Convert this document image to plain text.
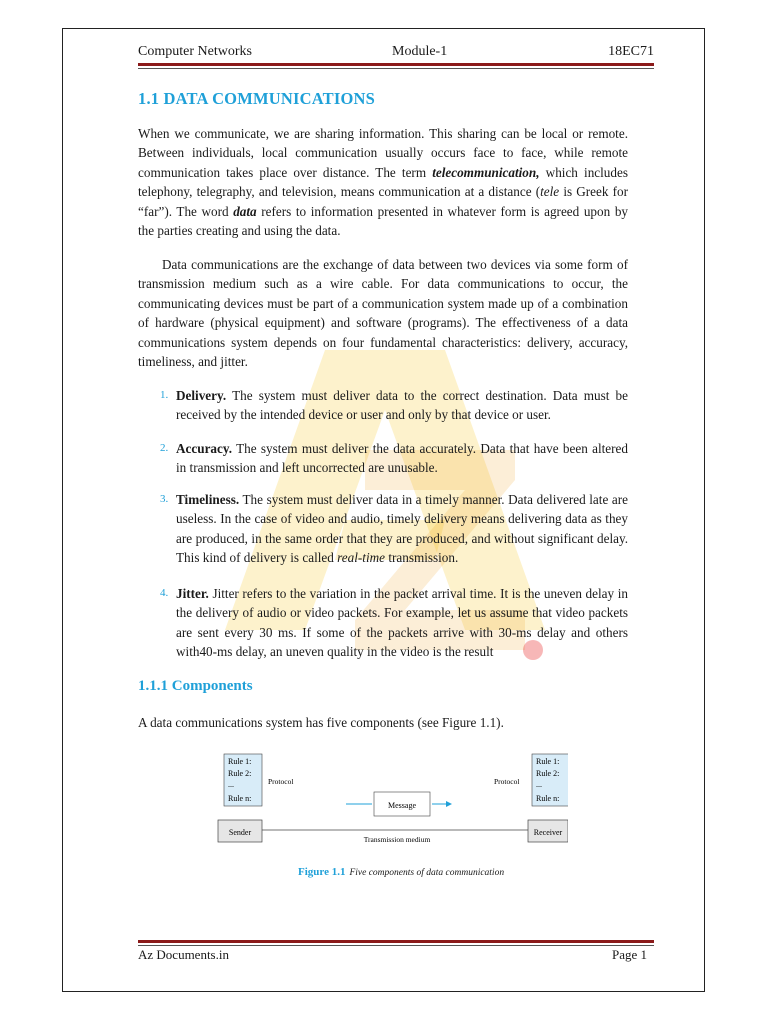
Computer Networks	Module-1	18EC71
1.1 DATA COMMUNICATIONS
When we communicate, we are sharing information. This sharing can be local or remote. Between individuals, local communication usually occurs face to face, while remote communication takes place over distance. The term telecommunication, which includes telephony, telegraphy, and television, means communication at a distance (tele is Greek for “far”). The word data refers to information presented in whatever form is agreed upon by the parties creating and using the data.
Data communications are the exchange of data between two devices via some form of transmission medium such as a wire cable. For data communications to occur, the communicating devices must be part of a communication system made up of a combination of hardware (physical equipment) and software (programs). The effectiveness of a data communications system depends on four fundamental characteristics: delivery, accuracy, timeliness, and jitter.
1. Delivery. The system must deliver data to the correct destination. Data must be received by the intended device or user and only by that device or user.
2. Accuracy. The system must deliver the data accurately. Data that have been altered in transmission and left uncorrected are unusable.
3. Timeliness. The system must deliver data in a timely manner. Data delivered late are useless. In the case of video and audio, timely delivery means delivering data as they are produced, in the same order that they are produced, and without significant delay. This kind of delivery is called real-time transmission.
4. Jitter. Jitter refers to the variation in the packet arrival time. It is the uneven delay in the delivery of audio or video packets. For example, let us assume that video packets are sent every 30 ms. If some of the packets arrive with 30-ms delay and others with40-ms delay, an uneven quality in the video is the result
1.1.1 Components
A data communications system has five components (see Figure 1.1).
Rule 1:
Rule 2:
...
Rule n:
Protocol
Rule 1:
Rule 2:
...
Rule n:
Protocol
Message
Sender	Receiver
Transmission medium
Figure 1.1 Five components of data communication
Az Documents.in	Page 1
